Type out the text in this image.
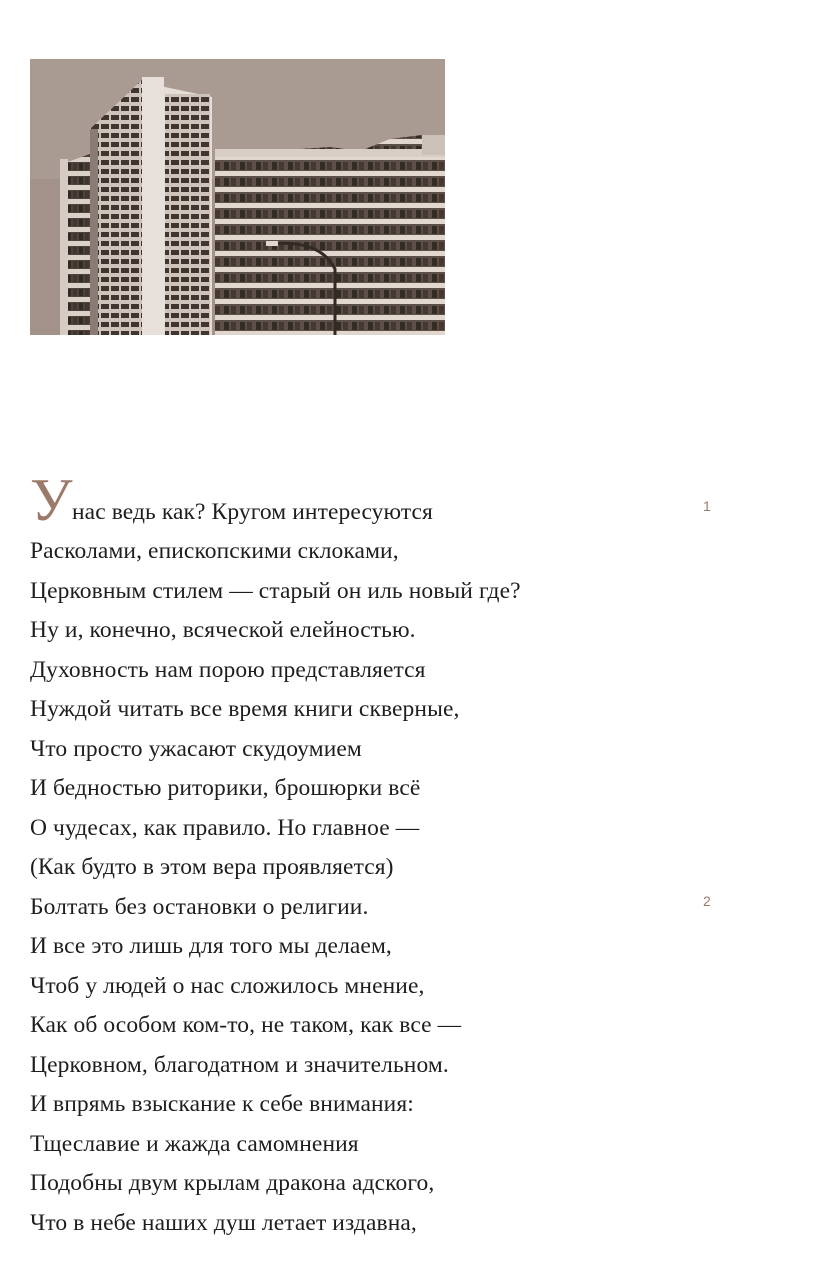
У нас ведь как? Кругом интересуются
Расколами, епископскими склоками,
Церковным стилем — старый он иль новый где?
Ну и, конечно, всяческой елейностью.
Духовность нам порою представляется
Нуждой читать все время книги скверные,
Что просто ужасают скудоумием
И бедностью риторики, брошюрки всё
О чудесах, как правило. Но главное —
(Как будто в этом вера проявляется)
Болтать без остановки о религии.
И все это лишь для того мы делаем,
Чтоб у людей о нас сложилось мнение,
Как об особом ком-то, не таком, как все —
Церковном, благодатном и значительном.
И впрямь взыскание к себе внимания:
Тщеславие и жажда самомнения
Подобны двум крылам дракона адского,
Что в небе наших душ летает издавна,
1
2
